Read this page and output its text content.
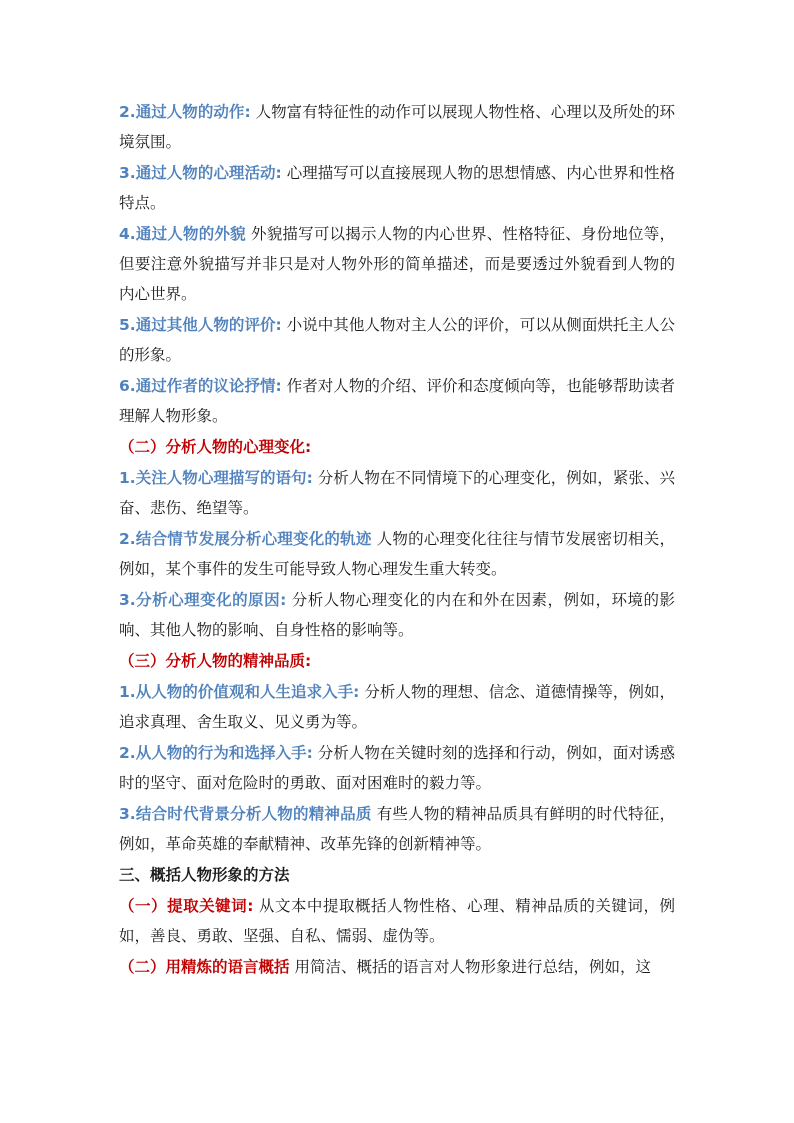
2.通过人物的动作: 人物富有特征性的动作可以展现人物性格、心理以及所处的环境氛围。

3.通过人物的心理活动: 心理描写可以直接展现人物的思想情感、内心世界和性格特点。

4.通过人物的外貌 外貌描写可以揭示人物的内心世界、性格特征、身份地位等，但要注意外貌描写并非只是对人物外形的简单描述，而是要透过外貌看到人物的内心世界。

5.通过其他人物的评价: 小说中其他人物对主人公的评价，可以从侧面烘托主人公的形象。

6.通过作者的议论抒情: 作者对人物的介绍、评价和态度倾向等，也能够帮助读者理解人物形象。

（二）分析人物的心理变化:

1.关注人物心理描写的语句: 分析人物在不同情境下的心理变化，例如，紧张、兴奋、悲伤、绝望等。

2.结合情节发展分析心理变化的轨迹 人物的心理变化往往与情节发展密切相关，例如，某个事件的发生可能导致人物心理发生重大转变。

3.分析心理变化的原因: 分析人物心理变化的内在和外在因素，例如，环境的影响、其他人物的影响、自身性格的影响等。

（三）分析人物的精神品质:

1.从人物的价值观和人生追求入手: 分析人物的理想、信念、道德情操等，例如，追求真理、舍生取义、见义勇为等。

2.从人物的行为和选择入手: 分析人物在关键时刻的选择和行动，例如，面对诱惑时的坚守、面对危险时的勇敢、面对困难时的毅力等。

3.结合时代背景分析人物的精神品质 有些人物的精神品质具有鲜明的时代特征，例如，革命英雄的奉献精神、改革先锋的创新精神等。

三、概括人物形象的方法

（一）提取关键词: 从文本中提取概括人物性格、心理、精神品质的关键词，例如，善良、勇敢、坚强、自私、懦弱、虚伪等。

（二）用精炼的语言概括 用简洁、概括的语言对人物形象进行总结，例如，这
